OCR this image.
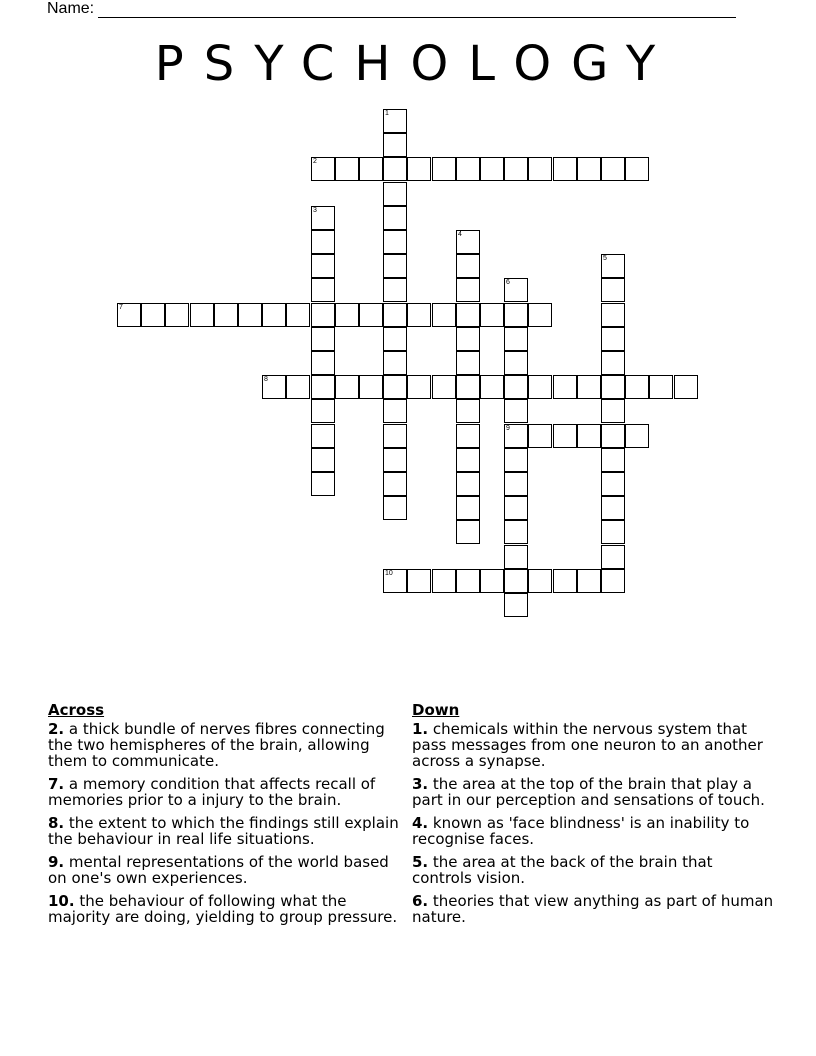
Name:
PSYCHOLOGY
1
2
3
4
5
6
9
7
8
10
Across
2. a thick bundle of nerves fibres connecting the two hemispheres of the brain, allowing them to communicate.
7. a memory condition that affects recall of memories prior to a injury to the brain.
8. the extent to which the findings still explain the behaviour in real life situations.
9. mental representations of the world based on one's own experiences.
10. the behaviour of following what the majority are doing, yielding to group pressure.
Down
1. chemicals within the nervous system that pass messages from one neuron to an another across a synapse.
3. the area at the top of the brain that play a part in our perception and sensations of touch.
4. known as 'face blindness' is an inability to recognise faces.
5. the area at the back of the brain that controls vision.
6. theories that view anything as part of human nature.
